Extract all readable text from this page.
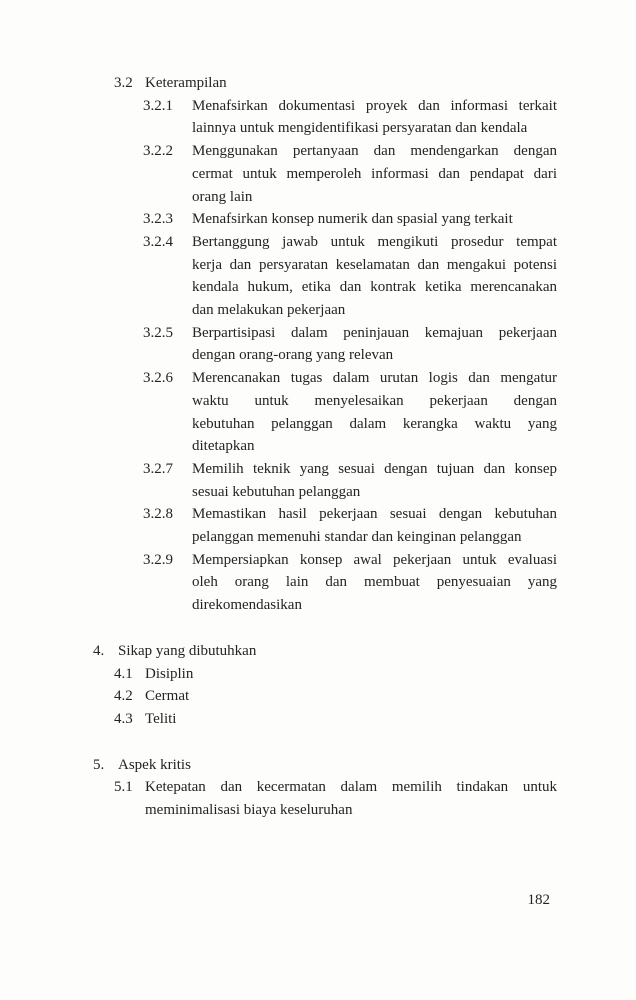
3.2 Keterampilan
3.2.1	Menafsirkan dokumentasi proyek dan informasi terkait
lainnya untuk mengidentifikasi persyaratan dan kendala
3.2.2	Menggunakan pertanyaan dan mendengarkan dengan
cermat untuk memperoleh informasi dan pendapat dari
orang lain
3.2.3	Menafsirkan konsep numerik dan spasial yang terkait
3.2.4	Bertanggung jawab untuk mengikuti prosedur tempat
kerja dan persyaratan keselamatan dan mengakui potensi
kendala hukum, etika dan kontrak ketika merencanakan
dan melakukan pekerjaan
3.2.5	Berpartisipasi dalam peninjauan kemajuan pekerjaan
dengan orang-orang yang relevan
3.2.6	Merencanakan tugas dalam urutan logis dan mengatur
waktu untuk menyelesaikan pekerjaan dengan
kebutuhan pelanggan dalam kerangka waktu yang
ditetapkan
3.2.7	Memilih teknik yang sesuai dengan tujuan dan konsep
sesuai kebutuhan pelanggan
3.2.8	Memastikan hasil pekerjaan sesuai dengan kebutuhan
pelanggan memenuhi standar dan keinginan pelanggan
3.2.9	Mempersiapkan konsep awal pekerjaan untuk evaluasi
oleh orang lain dan membuat penyesuaian yang
direkomendasikan
4. Sikap yang dibutuhkan
4.1 Disiplin
4.2 Cermat
4.3 Teliti
5. Aspek kritis
5.1 Ketepatan dan kecermatan dalam memilih tindakan untuk
meminimalisasi biaya keseluruhan
182
